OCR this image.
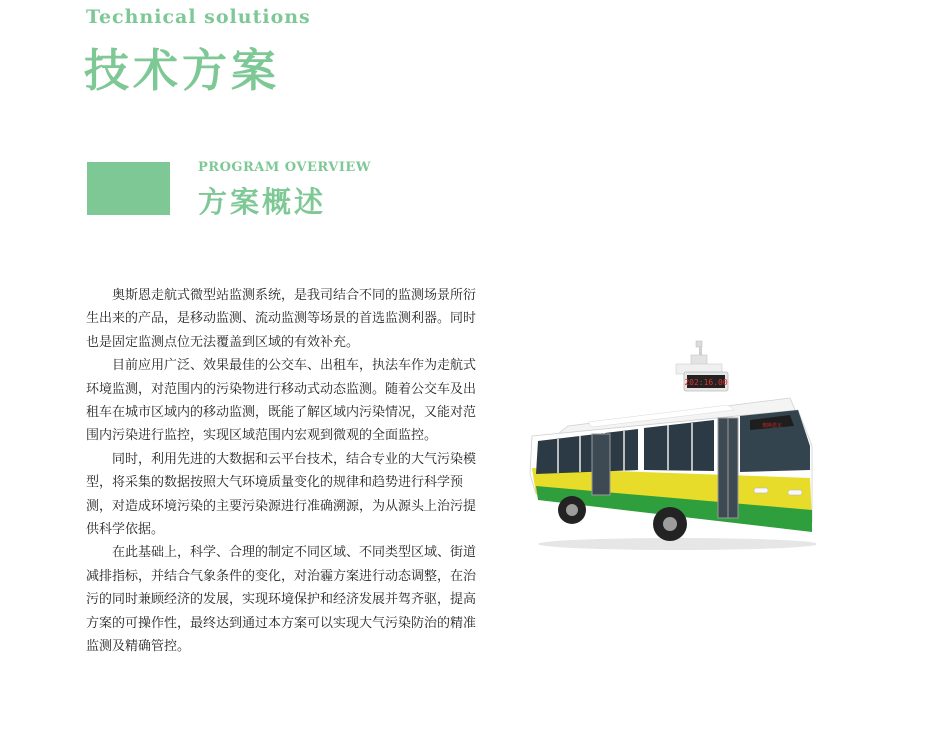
Technical solutions
技术方案
PROGRAM OVERVIEW
方案概述

奥斯恩走航式微型站监测系统，是我司结合不同的监测场景所衍生出来的产品，是移动监测、流动监测等场景的首选监测利器。同时也是固定监测点位无法覆盖到区域的有效补充。

目前应用广泛、效果最佳的公交车、出租车，执法车作为走航式环境监测，对范围内的污染物进行移动式动态监测。随着公交车及出租车在城市区域内的移动监测，既能了解区域内污染情况，又能对范围内污染进行监控，实现区域范围内宏观到微观的全面监控。

同时，利用先进的大数据和云平台技术，结合专业的大气污染模型，将采集的数据按照大气环境质量变化的规律和趋势进行科学预测，对造成环境污染的主要污染源进行准确溯源，为从源头上治污提供科学依据。

在此基础上，科学、合理的制定不同区域、不同类型区域、街道减排指标，并结合气象条件的变化，对治霾方案进行动态调整，在治污的同时兼顾经济的发展，实现环境保护和经济发展并驾齐驱，提高方案的可操作性，最终达到通过本方案可以实现大气污染防治的精准监测及精确管控。

202:16.00
奥斯恩车
